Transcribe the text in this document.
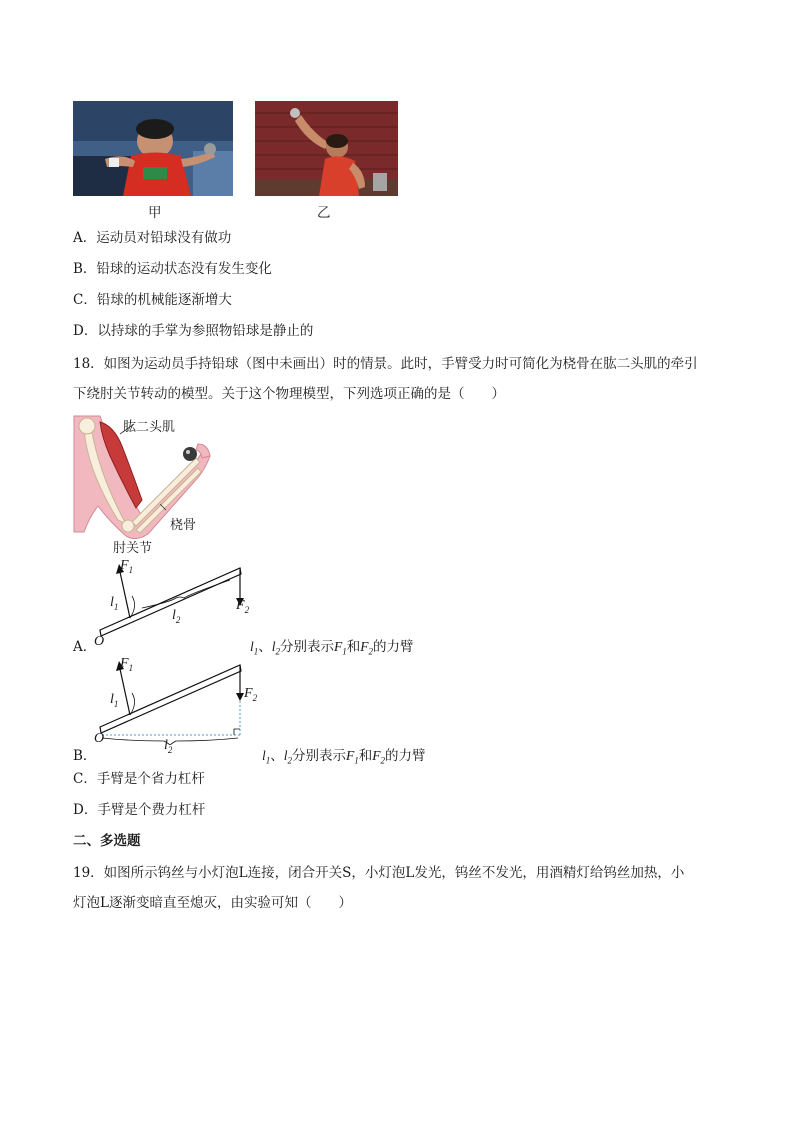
甲	乙
A．运动员对铅球没有做功
B．铅球的运动状态没有发生变化
C．铅球的机械能逐渐增大
D．以持球的手掌为参照物铅球是静止的
18．如图为运动员手持铅球（图中未画出）时的情景。此时，手臂受力时可简化为桡骨在肱二头肌的牵引
下绕肘关节转动的模型。关于这个物理模型，下列选项正确的是（　　）
肱二头肌
桡骨
肘关节
$F_1$
$F_2$
$l_1$
$l_2$
O
A．	$l_1$、$l_2$分别表示$F_1$和$F_2$的力臂
$F_1$
$F_2$
$l_1$
$l_2$
O
B．	$l_1$、$l_2$分别表示$F_1$和$F_2$的力臂
C．手臂是个省力杠杆
D．手臂是个费力杠杆
二、多选题
19．如图所示钨丝与小灯泡L连接，闭合开关S，小灯泡L发光，钨丝不发光，用酒精灯给钨丝加热，小
灯泡L逐渐变暗直至熄灭，由实验可知（　　）
